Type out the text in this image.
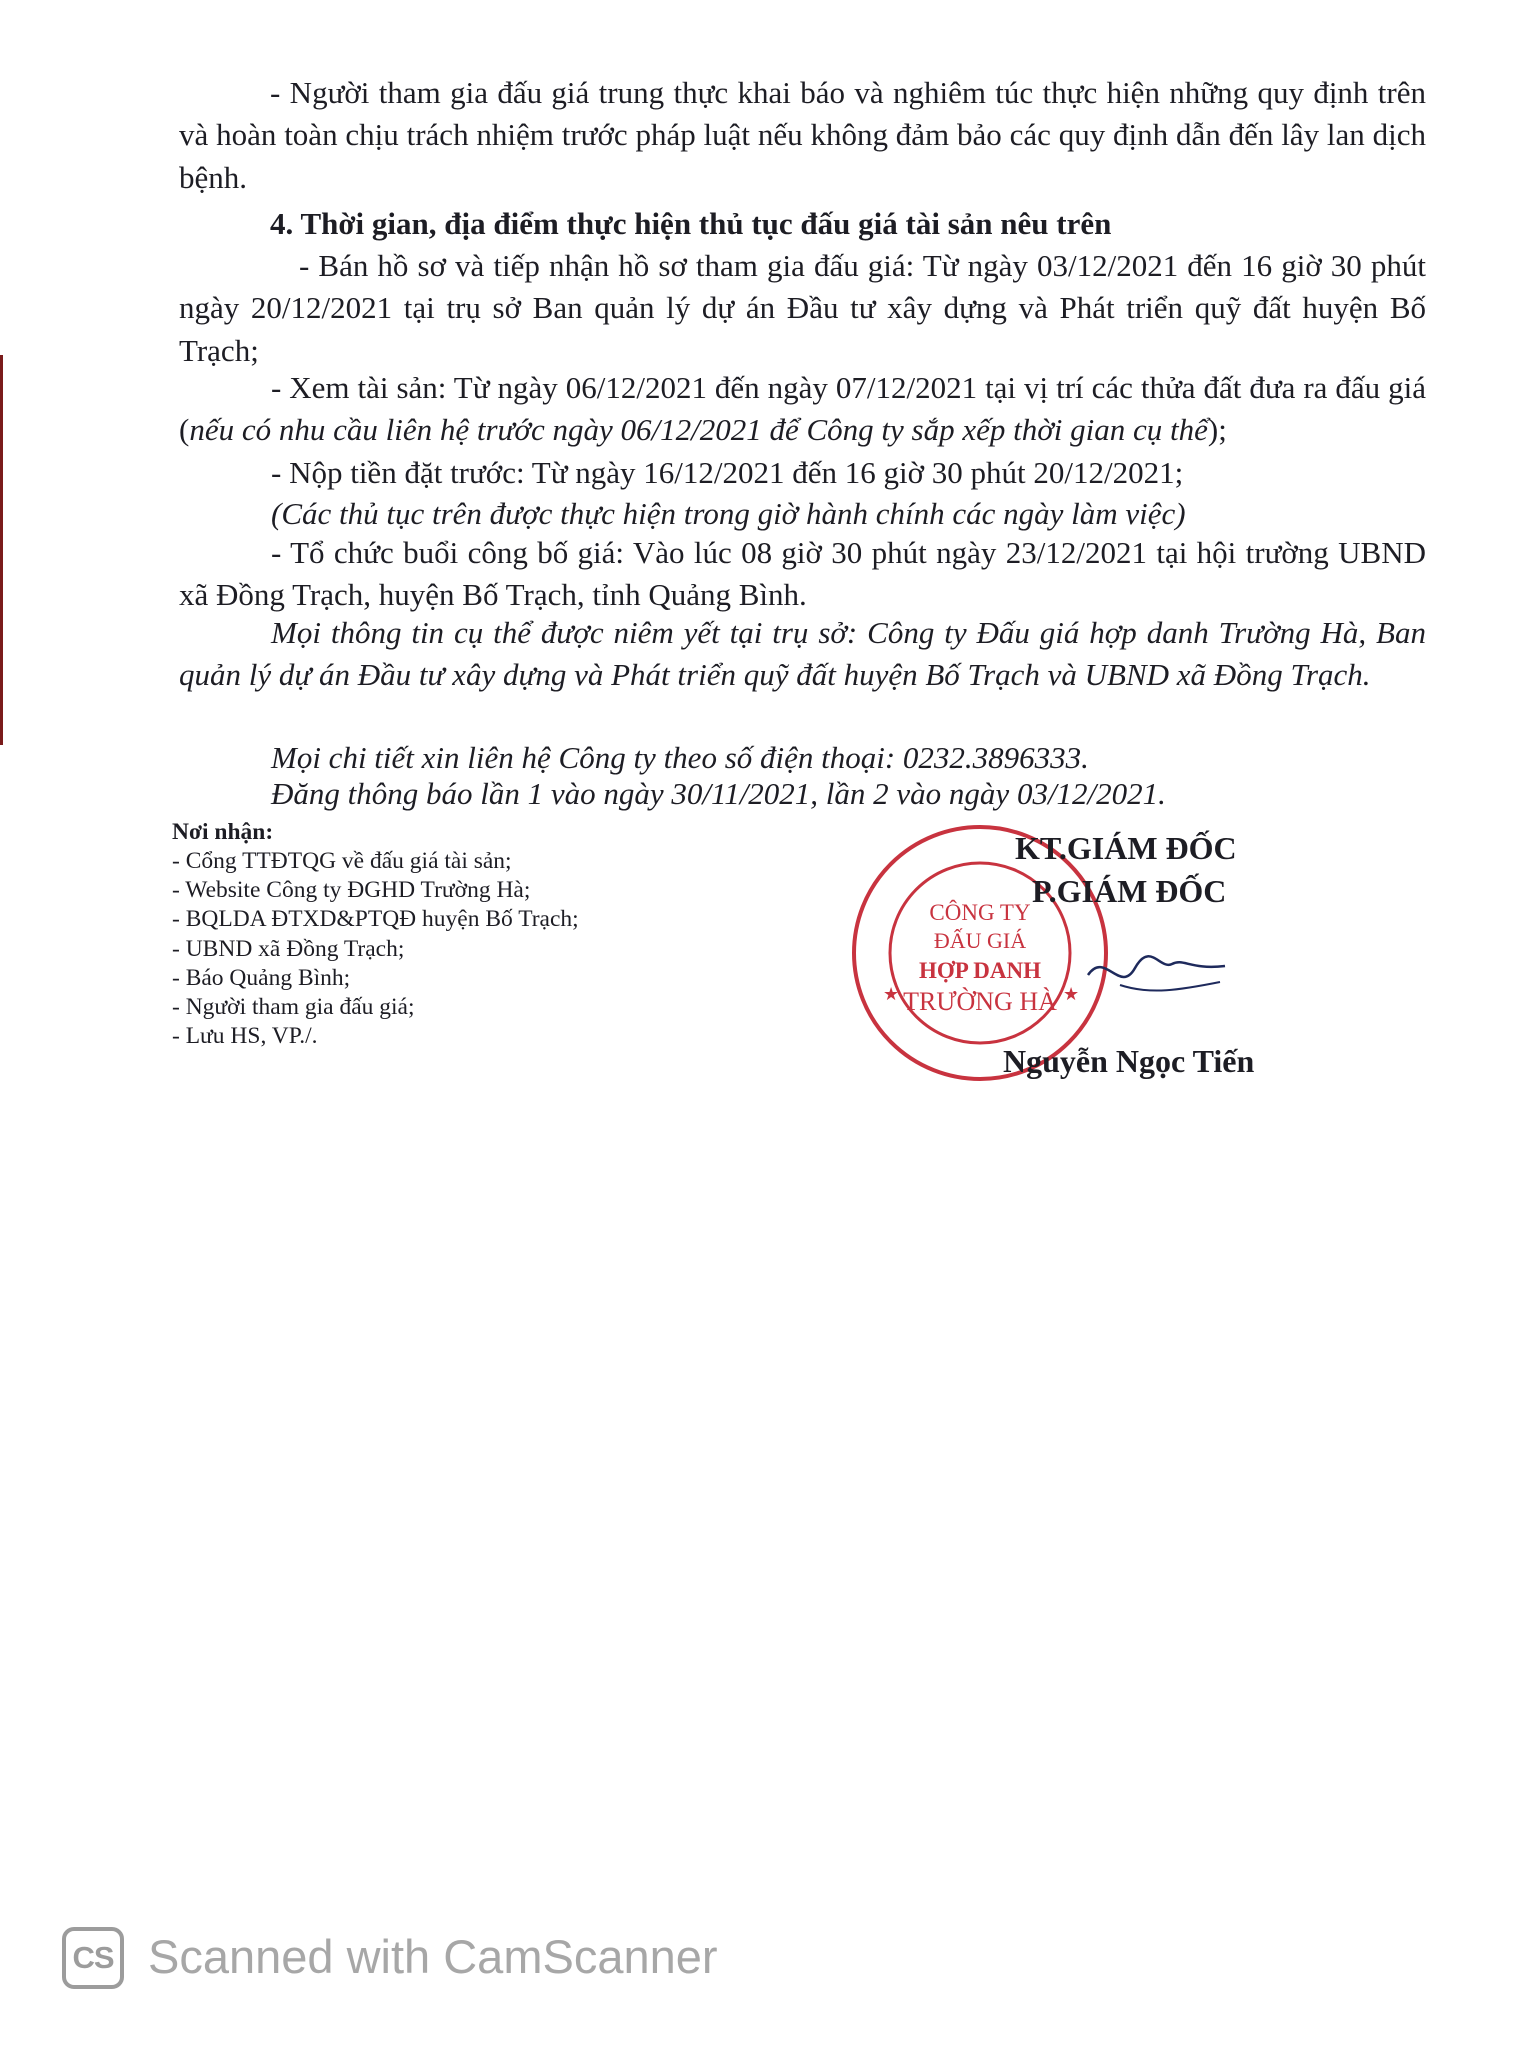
- Người tham gia đấu giá trung thực khai báo và nghiêm túc thực hiện những quy định trên và hoàn toàn chịu trách nhiệm trước pháp luật nếu không đảm bảo các quy định dẫn đến lây lan dịch bệnh.

4. Thời gian, địa điểm thực hiện thủ tục đấu giá tài sản nêu trên

- Bán hồ sơ và tiếp nhận hồ sơ tham gia đấu giá: Từ ngày 03/12/2021 đến 16 giờ 30 phút ngày 20/12/2021 tại trụ sở Ban quản lý dự án Đầu tư xây dựng và Phát triển quỹ đất huyện Bố Trạch;

- Xem tài sản: Từ ngày 06/12/2021 đến ngày 07/12/2021 tại vị trí các thửa đất đưa ra đấu giá (nếu có nhu cầu liên hệ trước ngày 06/12/2021 để Công ty sắp xếp thời gian cụ thể);

- Nộp tiền đặt trước: Từ ngày 16/12/2021 đến 16 giờ 30 phút 20/12/2021;

(Các thủ tục trên được thực hiện trong giờ hành chính các ngày làm việc)

- Tổ chức buổi công bố giá: Vào lúc 08 giờ 30 phút ngày 23/12/2021 tại hội trường UBND xã Đồng Trạch, huyện Bố Trạch, tỉnh Quảng Bình.

Mọi thông tin cụ thể được niêm yết tại trụ sở: Công ty Đấu giá hợp danh Trường Hà, Ban quản lý dự án Đầu tư xây dựng và Phát triển quỹ đất huyện Bố Trạch và UBND xã Đồng Trạch.

Mọi chi tiết xin liên hệ Công ty theo số điện thoại: 0232.3896333.

Đăng thông báo lần 1 vào ngày 30/11/2021, lần 2 vào ngày 03/12/2021.

Nơi nhận:
- Cổng TTĐTQG về đấu giá tài sản;
- Website Công ty ĐGHD Trường Hà;
- BQLDA ĐTXD&PTQĐ huyện Bố Trạch;
- UBND xã Đồng Trạch;
- Báo Quảng Bình;
- Người tham gia đấu giá;
- Lưu HS, VP./.
★	★
CÔNG TY
ĐẤU GIÁ
HỢP DANH
TRƯỜNG HÀ
KT.GIÁM ĐỐC
P.GIÁM ĐỐC
Nguyễn Ngọc Tiến
CS Scanned with CamScanner
